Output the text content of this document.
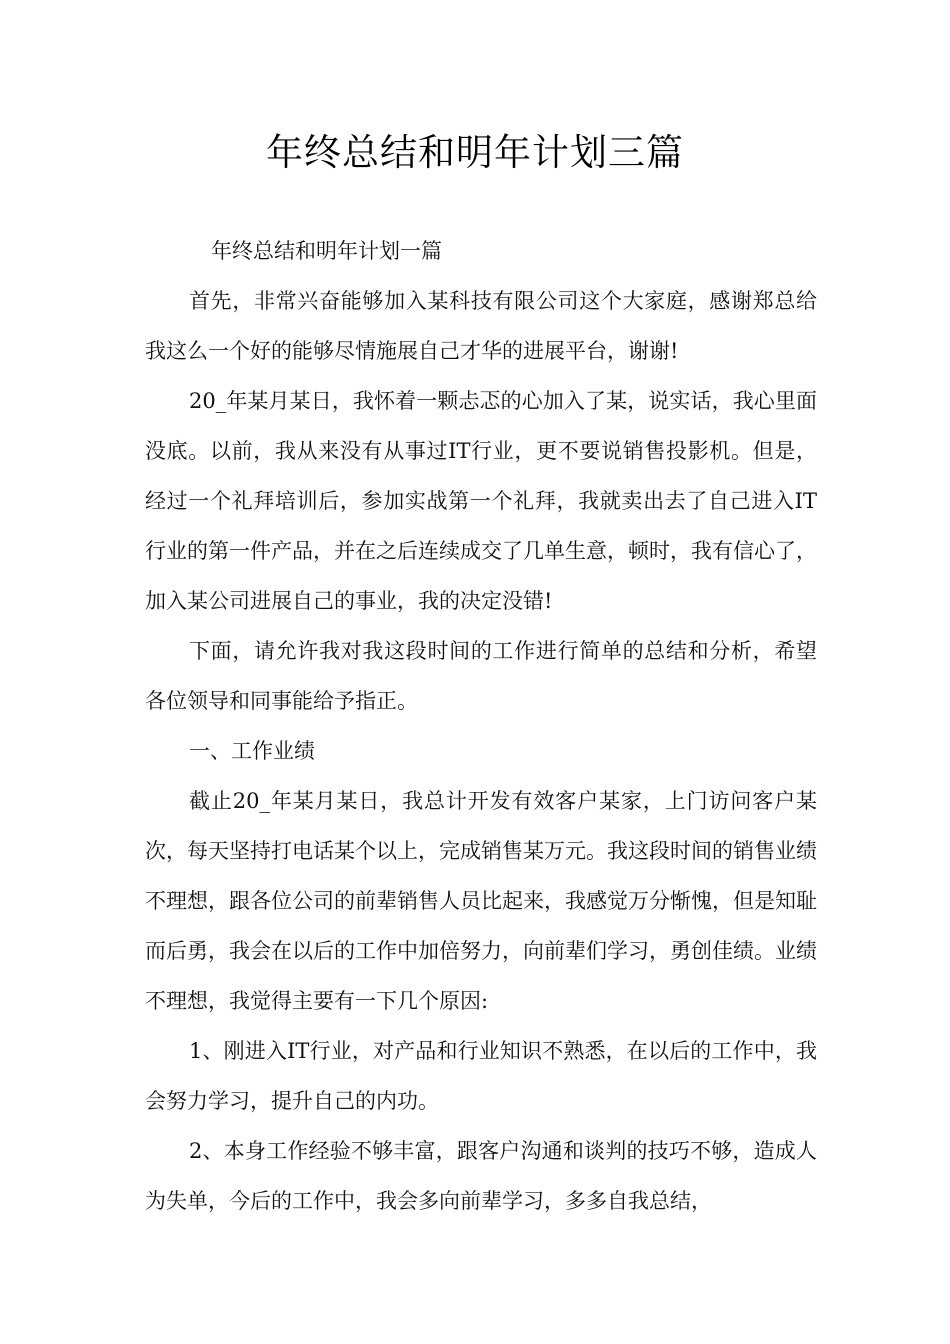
年终总结和明年计划三篇

年终总结和明年计划一篇

首先，非常兴奋能够加入某科技有限公司这个大家庭，感谢郑总给我这么一个好的能够尽情施展自己才华的进展平台，谢谢!

20_年某月某日，我怀着一颗忐忑的心加入了某，说实话，我心里面没底。以前，我从来没有从事过IT行业，更不要说销售投影机。但是，经过一个礼拜培训后，参加实战第一个礼拜，我就卖出去了自己进入IT行业的第一件产品，并在之后连续成交了几单生意，顿时，我有信心了，加入某公司进展自己的事业，我的决定没错!

下面，请允许我对我这段时间的工作进行简单的总结和分析，希望各位领导和同事能给予指正。

一、工作业绩

截止20_年某月某日，我总计开发有效客户某家，上门访问客户某次，每天坚持打电话某个以上，完成销售某万元。我这段时间的销售业绩不理想，跟各位公司的前辈销售人员比起来，我感觉万分惭愧，但是知耻而后勇，我会在以后的工作中加倍努力，向前辈们学习，勇创佳绩。业绩不理想，我觉得主要有一下几个原因:

1、刚进入IT行业，对产品和行业知识不熟悉，在以后的工作中，我会努力学习，提升自己的内功。

2、本身工作经验不够丰富，跟客户沟通和谈判的技巧不够，造成人为失单，今后的工作中，我会多向前辈学习，多多自我总结，
